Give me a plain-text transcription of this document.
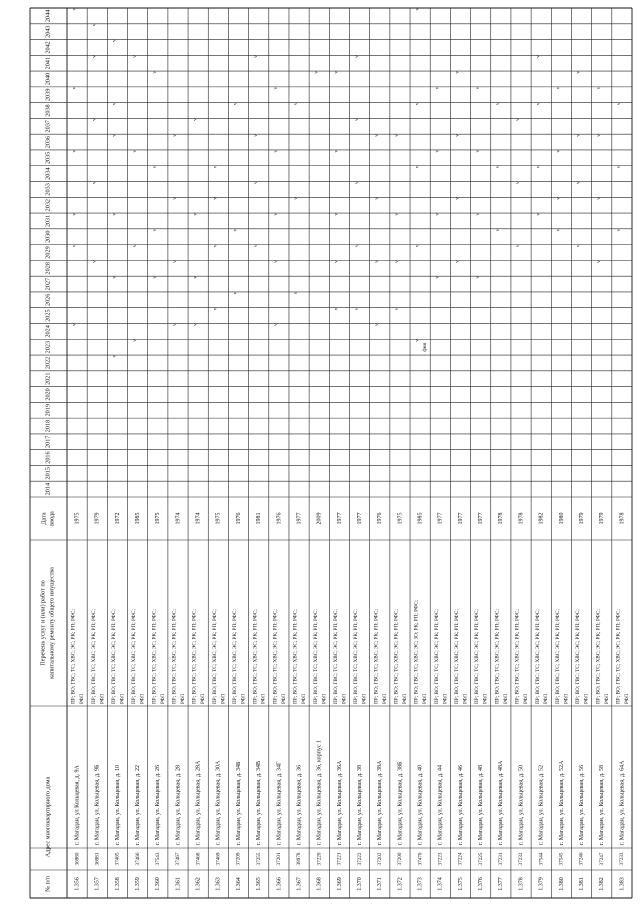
№ п/п
Адрес многоквартирного дома
Перечень услуг и (или) работ по капитальному ремонту общего имущества
Дата ввода
2014
2015
2016
2017
2018
2019
2020
2021
2022
2023
2024
2025
2026
2027
2028
2029
2030
2031
2032
2033
2034
2035
2036
2037
2038
2039
2040
2041
2042
2043
2044
1.356
36980
г. Магадан, ул Кольцевая, д. 9А
ПР; ВО; ГВС; ТС; ХВС; ЭС; РК; РП; РФС; РФЛ
1975
v
v
v
v
v
v
1.357
36981
г. Магадан, ул. Кольцевая, д. 9Б
ПР; ВО; ГВС; ТС; ХВС; ЭС; РК; РП; РФС; РФЛ
1979
v
v
v
v
v
1.358
37465
г. Магадан, ул. Кольцевая, д. 10
ПР; ВО; ГВС; ТС; ХВС; ЭС; РК; РП; РФС; РФЛ
1972
v
v
v
v
v
v
1.359
37466
г. Магадан, ул. Кольцевая, д. 22
ПР; ВО; ГВС; ТС; ХВС; ЭС; РК; РП; РФС; РФЛ
1985
v
v
v
v
1.360
37543
г. Магадан, ул. Кольцевая, д. 26
ПР; ВО; ГВС; ТС; ХВС; ЭС; РК; РП; РФС; РФЛ
1975
v
v
v
v
1.361
37467
г. Магадан, ул. Кольцевая, д. 28
ПР; ВО; ГВС; ТС; ХВС; ЭС; РК; РП; РФС; РФЛ
1974
v
v
v
v
1.362
37468
г. Магадан, ул. Кольцевая, д. 28А
ПР; ВО; ГВС; ТС; ХВС; ЭС; РК; РП; РФС; РФЛ
1974
v
v
v
v
1.363
37469
г. Магадан, ул. Кольцевая, д. 30А
ПР; ВО; ГВС; ТС; ХВС; ЭС; РК; РП; РФС; РФЛ
1975
v
v
v
v
1.364
37209
г. Магадан, ул. Кольцевая, д. 34Б
ПР; ВО; ГВС; ТС; ХВС; ЭС; РК; РП; РФС; РФЛ
1976
v
v
v
1.365
37255
г. Магадан, ул. Кольцевая, д. 34В
ПР; ВО; ГВС; ТС; ХВС; ЭС; РК; РП; РФС; РФЛ
1981
v
v
v
v
1.366
37201
г. Магадан, ул. Кольцевая, д. 34Г
ПР; ВО; ГВС; ТС; ХВС; ЭС; РК; РП; РФС; РФЛ
1976
v
v
v
v
v
1.367
38978
г. Магадан, ул. Кольцевая, д. 36
ПР; ВО; ГВС; ТС; ХВС; ЭС; РК; РП; РФС; РФЛ
1977
v
v
v
1.368
37220
г. Магадан, ул. Кольцевая, д. 36, корпус 1
ПР; ВО; ГВС; ТС; ХВС; ЭС; РК; РП; РФС; РФЛ
2009
v
1.369
37221
г. Магадан, ул. Кольцевая, д. 36А
ПР; ВО; ГВС; ТС; ХВС; ЭС; РК; РП; РФС; РФЛ
1977
v
v
v
v
v
1.370
37222
г. Магадан, ул. Кольцевая, д. 38
ПР; ВО; ГВС; ТС; ХВС; ЭС; РК; РП; РФС; РФЛ
1977
v
v
v
v
v
1.371
37202
г. Магадан, ул. Кольцевая, д. 38А
ПР; ВО; ГВС; ТС; ХВС; ЭС; РК; РП; РФС; РФЛ
1976
v
v
v
v
1.372
37200
г. Магадан, ул. Кольцевая, д. 38Б
ПР; ВО; ГВС; ТС; ХВС; ЭС; РК; РП; РФС; РФЛ
1975
v
v
v
v
1.373
37470
г. Магадан, ул. Кольцевая, д. 40
ПР; ВО; ГВС; ТС; ХВС; ЭС; ЗО; РК; РП; РФС; РФЛ
1985
v
v
v
v
v
фин
1.374
37223
г. Магадан, ул. Кольцевая, д. 44
ПР; ВО; ГВС; ТС; ХВС; ЭС; РК; РП; РФС; РФЛ
1977
v
v
v
v
1.375
37224
г. Магадан, ул. Кольцевая, д. 46
ПР; ВО; ГВС; ТС; ХВС; ЭС; РК; РП; РФС; РФЛ
1977
v
v
v
v
1.376
37225
г. Магадан, ул. Кольцевая, д. 48
ПР; ВО; ГВС; ТС; ХВС; ЭС; РК; РП; РФС; РФЛ
1977
v
v
v
v
1.377
37231
г. Магадан, ул. Кольцевая, д. 48А
ПР; ВО; ГВС; ТС; ХВС; ЭС; РК; РП; РФС; РФЛ
1978
v
v
v
1.378
37232
г. Магадан, ул. Кольцевая, д. 50
ПР; ВО; ГВС; ТС; ХВС; ЭС; РК; РП; РФС; РФЛ
1978
v
v
v
1.379
37544
г. Магадан, ул. Кольцевая, д. 52
ПР; ВО; ГВС; ТС; ХВС; ЭС; РК; РП; РФС; РФЛ
1982
v
v
v
v
1.380
37545
г. Магадан, ул. Кольцевая, д. 52А
ПР; ВО; ГВС; ТС; ХВС; ЭС; РК; РП; РФС; РФЛ
1980
v
v
v
v
1.381
37246
г. Магадан, ул. Кольцевая, д. 56
ПР; ВО; ГВС; ТС; ХВС; ЭС; РК; РП; РФС; РФЛ
1979
v
v
v
v
1.382
37247
г. Магадан, ул. Кольцевая, д. 58
ПР; ВО; ГВС; ТС; ХВС; ЭС; РК; РП; РФС; РФЛ
1979
v
v
v
v
1.383
37233
г. Магадан, ул. Кольцевая, д. 64А
ПР; ВО; ГВС; ТС; ХВС; ЭС; РК; РП; РФС; РФЛ
1978
v
v
v
